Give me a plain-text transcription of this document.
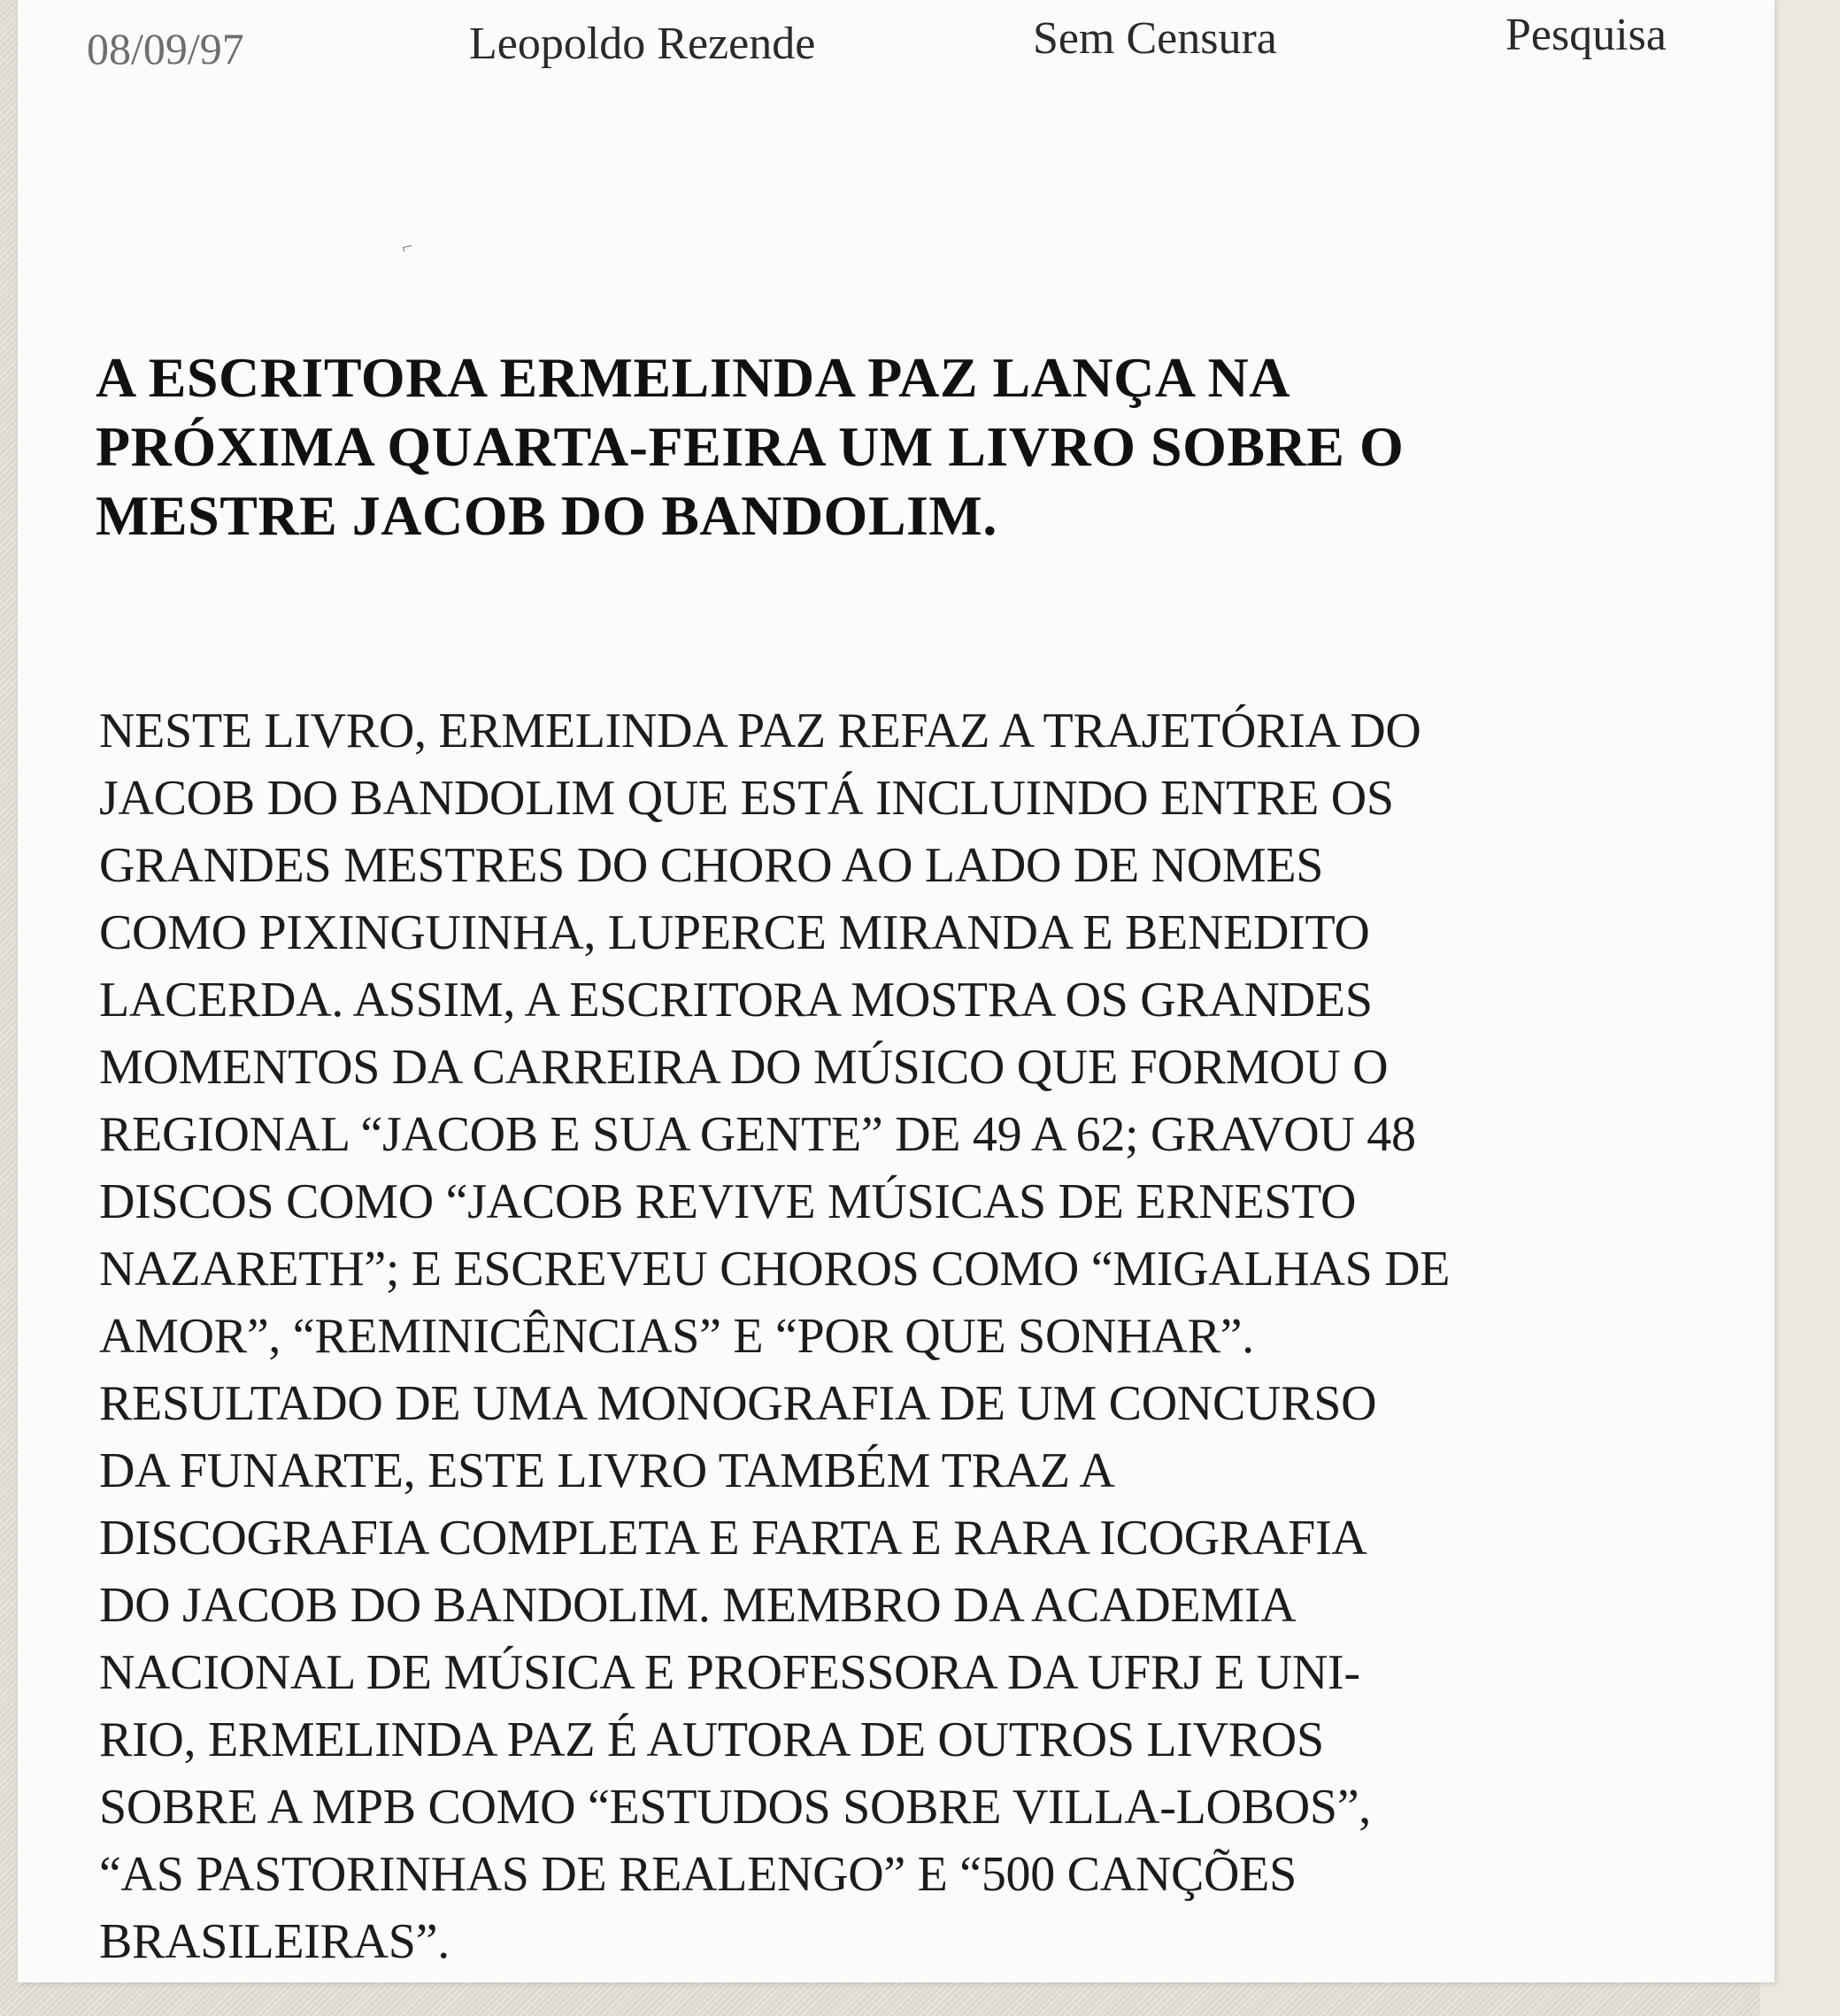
08/09/97	Leopoldo Rezende	Sem Censura	Pesquisa
⌐
A ESCRITORA ERMELINDA PAZ LANÇA NA
PRÓXIMA QUARTA-FEIRA UM LIVRO SOBRE O
MESTRE JACOB DO BANDOLIM.
NESTE LIVRO, ERMELINDA PAZ REFAZ A TRAJETÓRIA DO
JACOB DO BANDOLIM QUE ESTÁ INCLUINDO ENTRE OS
GRANDES MESTRES DO CHORO AO LADO DE NOMES
COMO PIXINGUINHA, LUPERCE MIRANDA E BENEDITO
LACERDA. ASSIM, A ESCRITORA MOSTRA OS GRANDES
MOMENTOS DA CARREIRA DO MÚSICO QUE FORMOU O
REGIONAL “JACOB E SUA GENTE” DE 49 A 62; GRAVOU 48
DISCOS COMO “JACOB REVIVE MÚSICAS DE ERNESTO
NAZARETH”; E ESCREVEU CHOROS COMO “MIGALHAS DE
AMOR”, “REMINICÊNCIAS” E “POR QUE SONHAR”.
RESULTADO DE UMA MONOGRAFIA DE UM CONCURSO
DA FUNARTE, ESTE LIVRO TAMBÉM TRAZ A
DISCOGRAFIA COMPLETA E FARTA E RARA ICOGRAFIA
DO JACOB DO BANDOLIM. MEMBRO DA ACADEMIA
NACIONAL DE MÚSICA E PROFESSORA DA UFRJ E UNI-
RIO, ERMELINDA PAZ É AUTORA DE OUTROS LIVROS
SOBRE A MPB COMO “ESTUDOS SOBRE VILLA-LOBOS”,
“AS PASTORINHAS DE REALENGO” E “500 CANÇÕES
BRASILEIRAS”.
